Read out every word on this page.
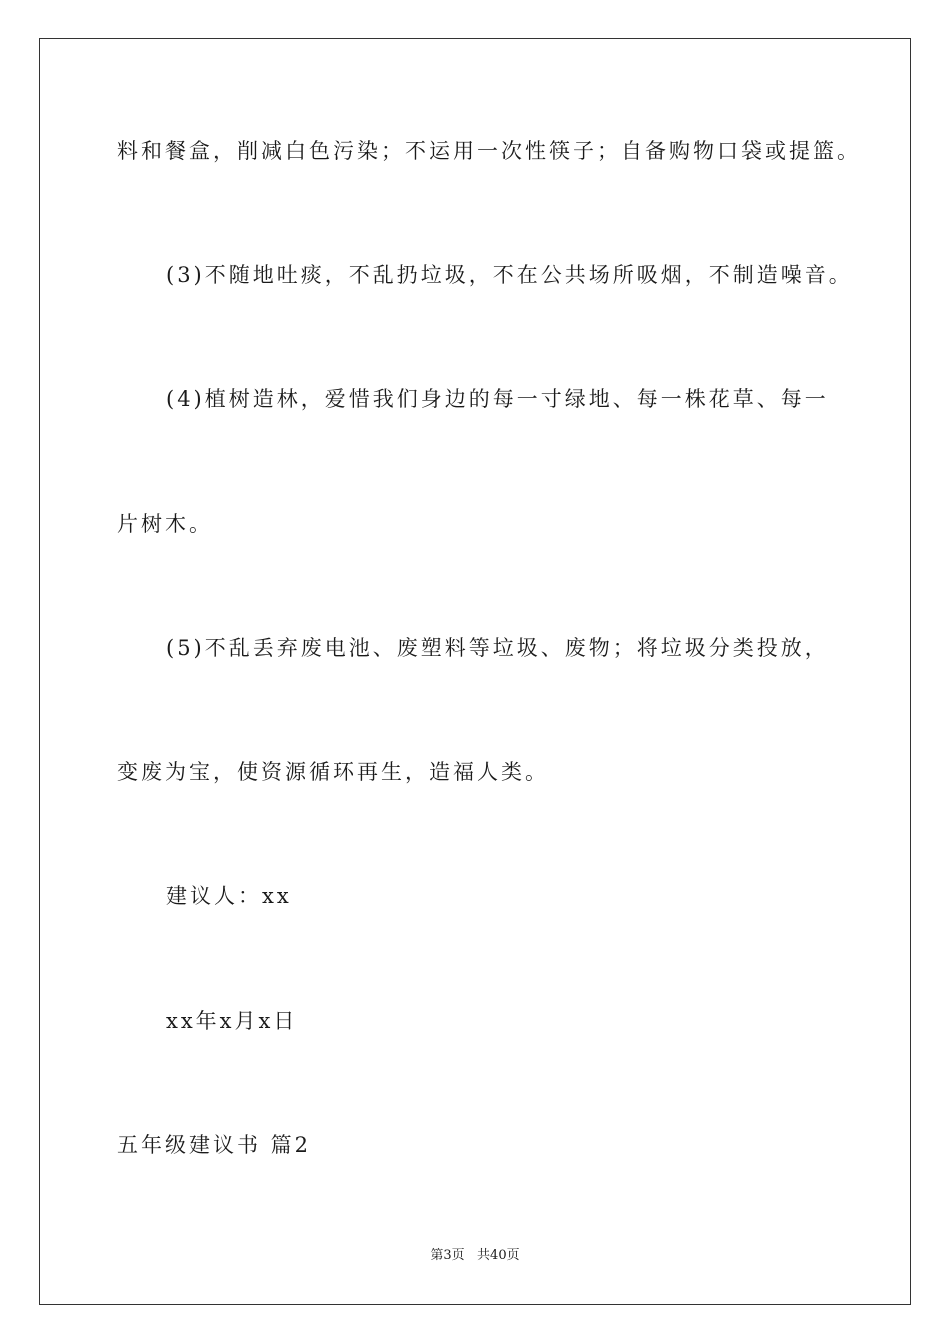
料和餐盒，削减白色污染；不运用一次性筷子；自备购物口袋或提篮。
(3)不随地吐痰，不乱扔垃圾，不在公共场所吸烟，不制造噪音。
(4)植树造林，爱惜我们身边的每一寸绿地、每一株花草、每一
片树木。
(5)不乱丢弃废电池、废塑料等垃圾、废物；将垃圾分类投放，
变废为宝，使资源循环再生，造福人类。
建议人：xx
xx年x月x日
五年级建议书 篇2
第3页   共40页
